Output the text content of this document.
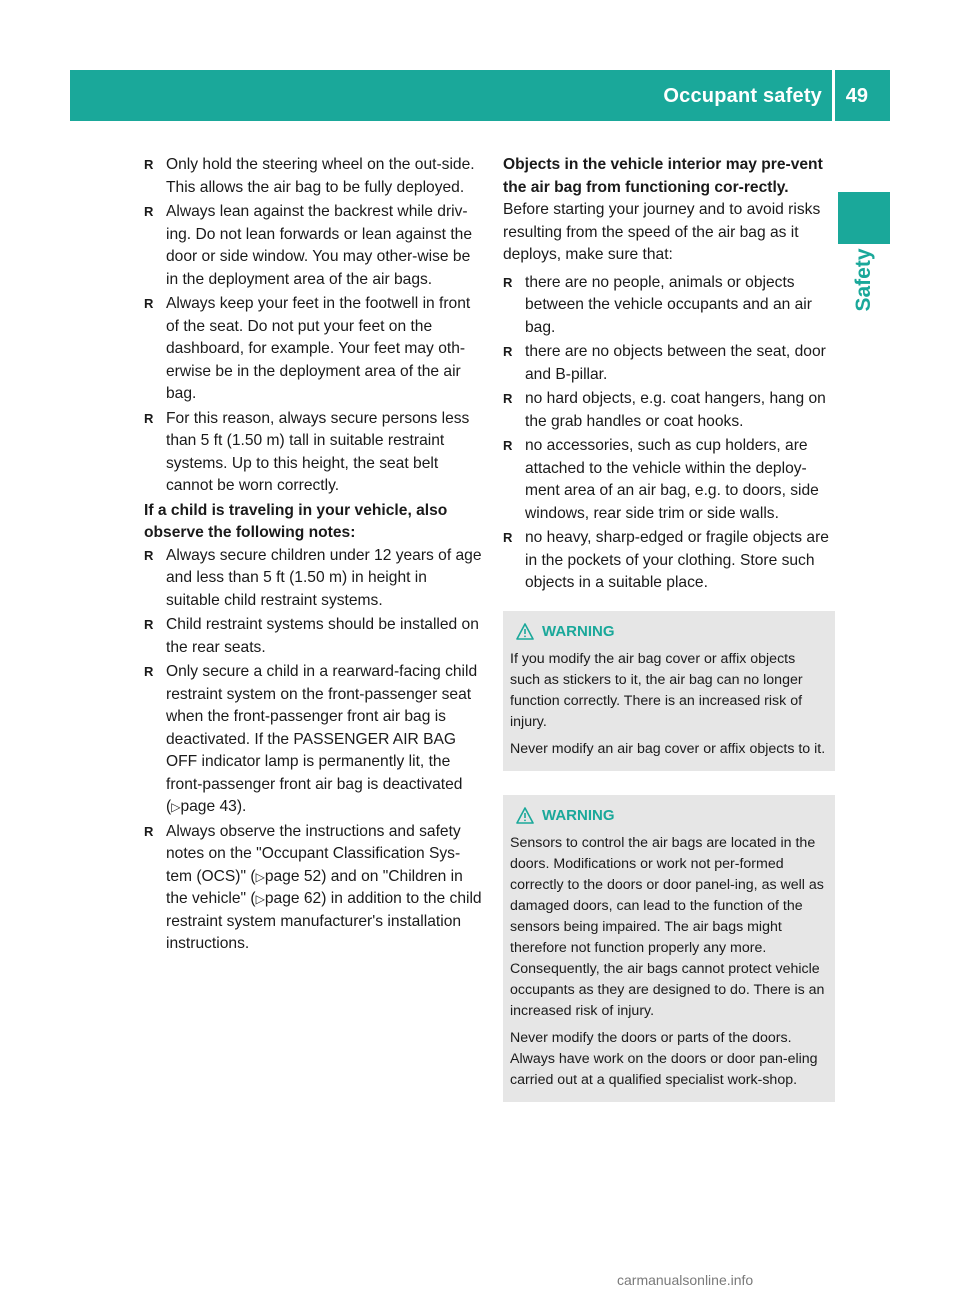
Occupant safety 49
Safety
R Only hold the steering wheel on the out-side. This allows the air bag to be fully deployed.
R Always lean against the backrest while driv-ing. Do not lean forwards or lean against the door or side window. You may other-wise be in the deployment area of the air bags.
R Always keep your feet in the footwell in front of the seat. Do not put your feet on the dashboard, for example. Your feet may oth-erwise be in the deployment area of the air bag.
R For this reason, always secure persons less than 5 ft (1.50 m) tall in suitable restraint systems. Up to this height, the seat belt cannot be worn correctly.

If a child is traveling in your vehicle, also observe the following notes:

R Always secure children under 12 years of age and less than 5 ft (1.50 m) in height in suitable child restraint systems.
R Child restraint systems should be installed on the rear seats.
R Only secure a child in a rearward-facing child restraint system on the front-passenger seat when the front-passenger front air bag is deactivated. If the PASSENGER AIR BAG OFF indicator lamp is permanently lit, the front-passenger front air bag is deactivated (▷page 43).
R Always observe the instructions and safety notes on the "Occupant Classification Sys-tem (OCS)" (▷page 52) and on "Children in the vehicle" (▷page 62) in addition to the child restraint system manufacturer's installation instructions.

Objects in the vehicle interior may pre-vent the air bag from functioning cor-rectly. Before starting your journey and to avoid risks resulting from the speed of the air bag as it deploys, make sure that:

R there are no people, animals or objects between the vehicle occupants and an air bag.
R there are no objects between the seat, door and B-pillar.
R no hard objects, e.g. coat hangers, hang on the grab handles or coat hooks.
R no accessories, such as cup holders, are attached to the vehicle within the deploy-ment area of an air bag, e.g. to doors, side windows, rear side trim or side walls.
R no heavy, sharp-edged or fragile objects are in the pockets of your clothing. Store such objects in a suitable place.
WARNING

If you modify the air bag cover or affix objects such as stickers to it, the air bag can no longer function correctly. There is an increased risk of injury.

Never modify an air bag cover or affix objects to it.

WARNING

Sensors to control the air bags are located in the doors. Modifications or work not per-formed correctly to the doors or door panel-ing, as well as damaged doors, can lead to the function of the sensors being impaired. The air bags might therefore not function properly any more. Consequently, the air bags cannot protect vehicle occupants as they are designed to do. There is an increased risk of injury.

Never modify the doors or parts of the doors. Always have work on the doors or door pan-eling carried out at a qualified specialist work-shop.

carmanualsonline.info
